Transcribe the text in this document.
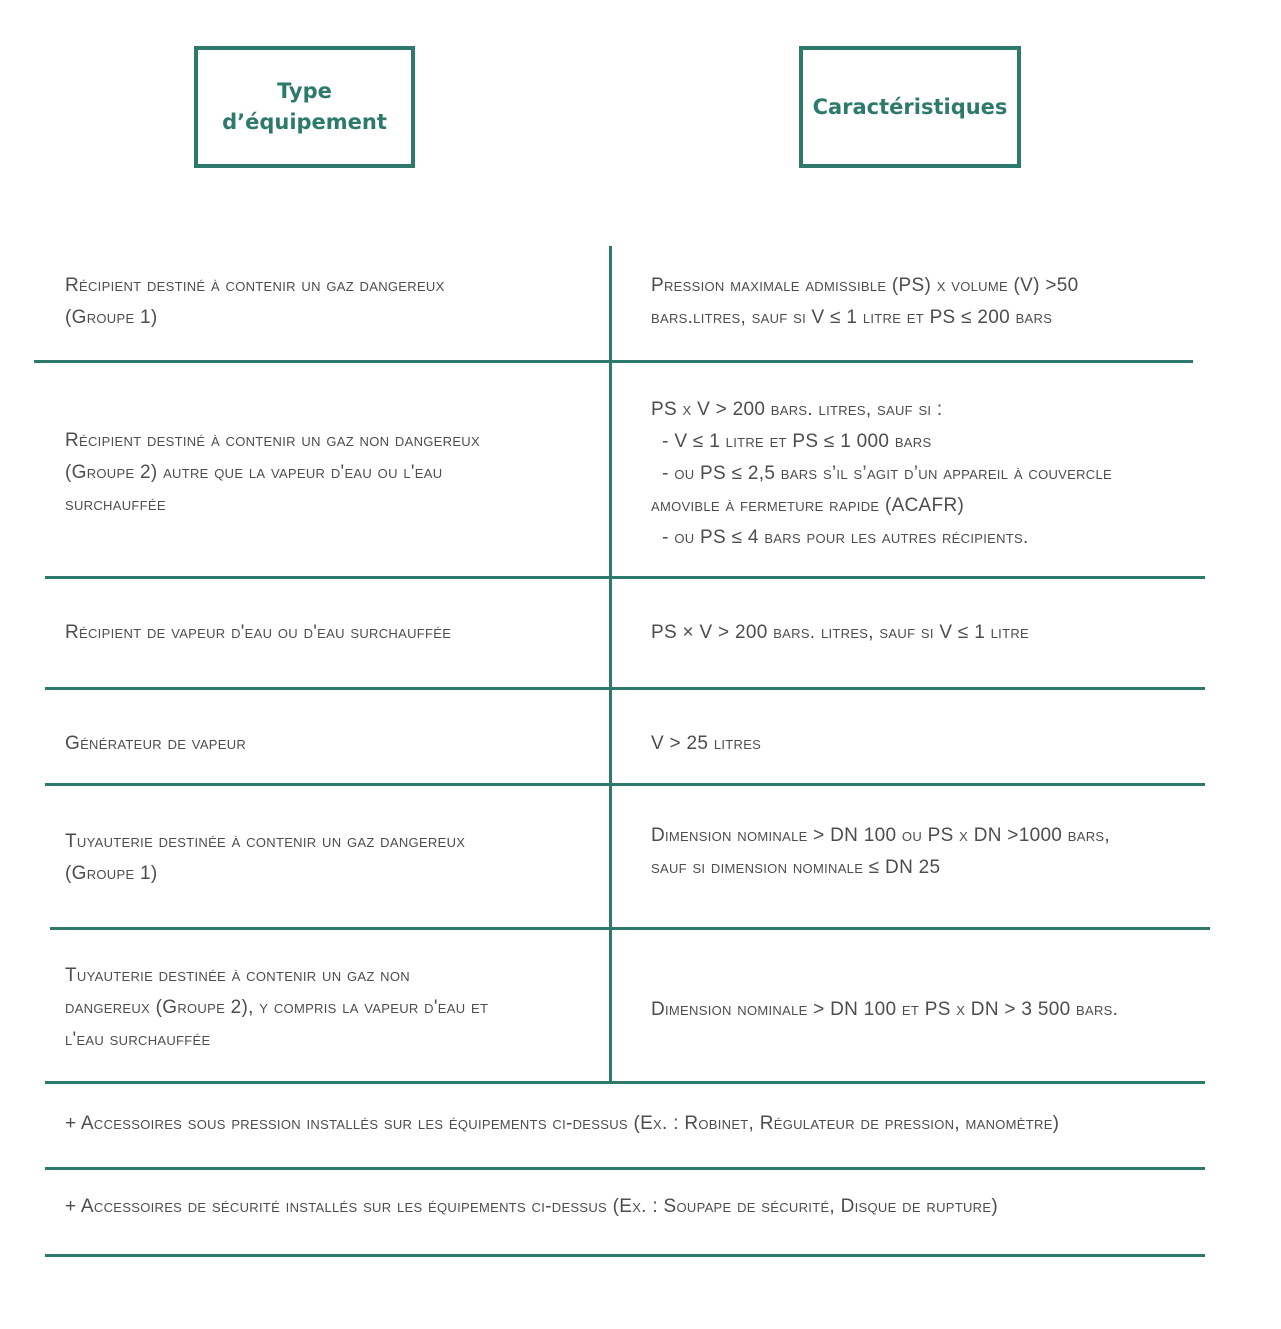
Type
d’équipement
Caractéristiques
Récipient destiné à contenir un gaz dangereux
(Groupe 1)
Pression maximale admissible (PS) x volume (V) >50
bars.litres, sauf si V ≤ 1 litre et PS ≤ 200 bars
Récipient destiné à contenir un gaz non dangereux
(Groupe 2) autre que la vapeur d'eau ou l'eau
surchauffée
PS x V > 200 bars. litres, sauf si :
- V ≤ 1 litre et PS ≤ 1 000 bars
- ou PS ≤ 2,5 bars s’il s’agit d’un appareil à couvercle
amovible à fermeture rapide (ACAFR)
- ou PS ≤ 4 bars pour les autres récipients.
Récipient de vapeur d'eau ou d'eau surchauffée	PS × V > 200 bars. litres, sauf si V ≤ 1 litre
Générateur de vapeur	V > 25 litres
Tuyauterie destinée à contenir un gaz dangereux
(Groupe 1)
Dimension nominale > DN 100 ou PS x DN >1000 bars,
sauf si dimension nominale ≤ DN 25
Tuyauterie destinée à contenir un gaz non
dangereux (Groupe 2), y compris la vapeur d'eau et
l'eau surchauffée
Dimension nominale > DN 100 et PS x DN > 3 500 bars.
+ Accessoires sous pression installés sur les équipements ci-dessus (Ex. : Robinet, Régulateur de pression, manomètre)
+ Accessoires de sécurité installés sur les équipements ci-dessus (Ex. : Soupape de sécurité, Disque de rupture)
